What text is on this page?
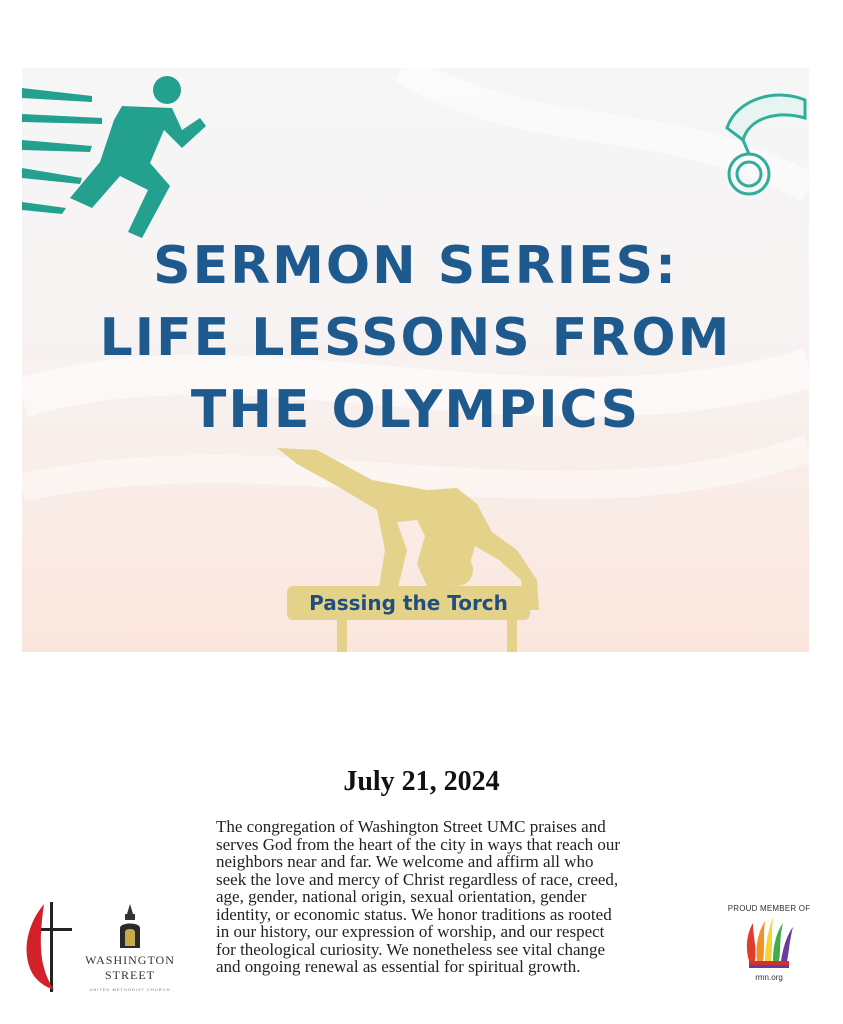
SERMON SERIES:
LIFE LESSONS FROM
THE OLYMPICS
Passing the Torch
July 21, 2024

The congregation of Washington Street UMC praises and serves God from the heart of the city in ways that reach our neighbors near and far. We welcome and affirm all who seek the love and mercy of Christ regardless of race, creed, age, gender, national origin, sexual orientation, gender identity, or economic status. We honor traditions as rooted in our history, our expression of worship, and our respect for theological curiosity. We nonetheless see vital change and ongoing renewal as essential for spiritual growth.

WASHINGTON
STREET
UNITED METHODIST CHURCH
PROUD MEMBER OF
rmn.org
